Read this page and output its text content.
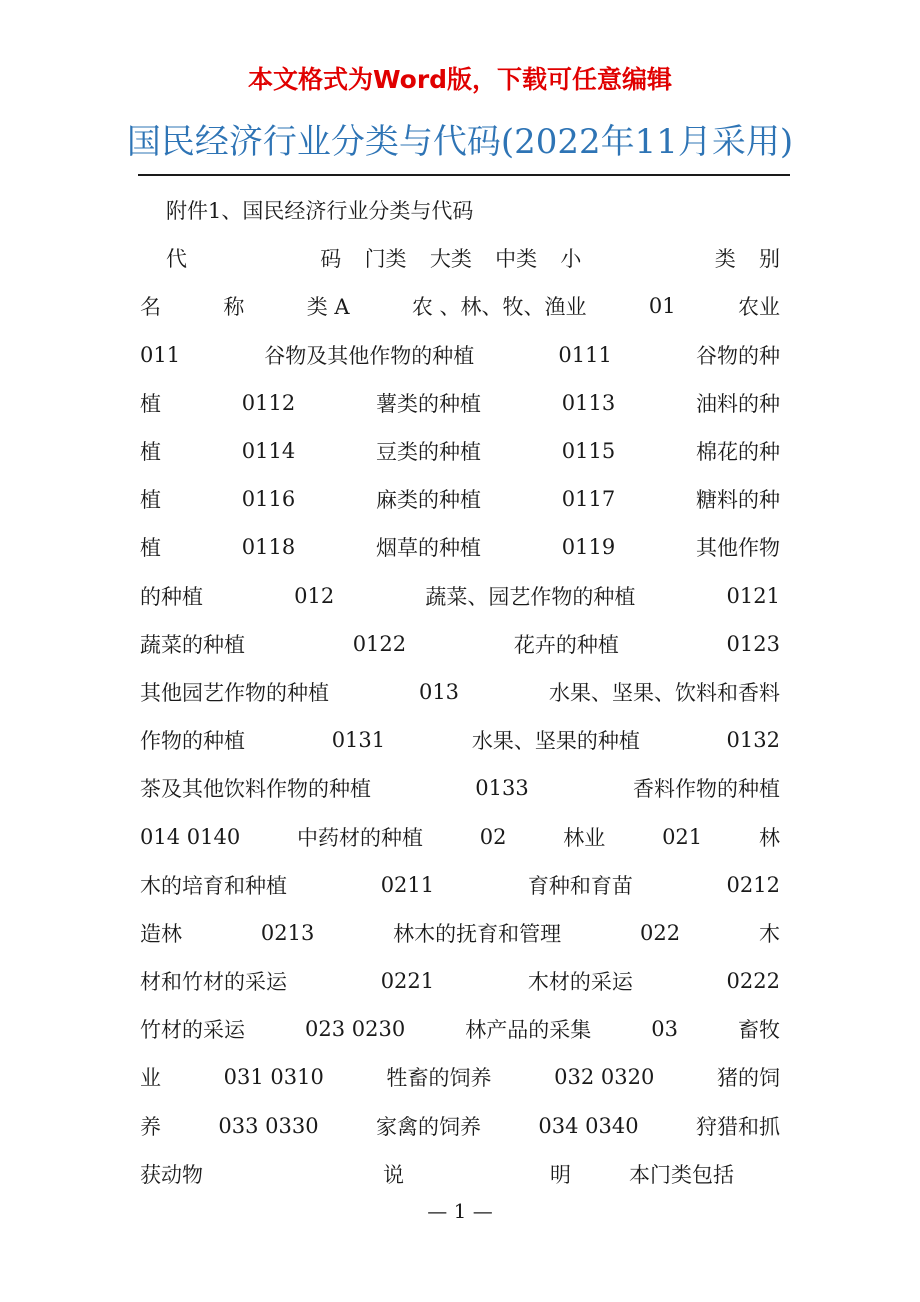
本文格式为Word版，下载可任意编辑
国民经济行业分类与代码(2022年11月采用)
附件1、国民经济行业分类与代码
代	码 门类 大类 中类 小	类 别
名	称	类 A	农 、林、牧、渔业	01	农业
011	谷物及其他作物的种植	0111	谷物的种
植	0112	薯类的种植	0113	油料的种
植	0114	豆类的种植	0115	棉花的种
植	0116	麻类的种植	0117	糖料的种
植	0118	烟草的种植	0119	其他作物
的种植	012	蔬菜、园艺作物的种植	0121
蔬菜的种植	0122	花卉的种植	0123
其他园艺作物的种植	013	水果、坚果、饮料和香料
作物的种植	0131	水果、坚果的种植	0132
茶及其他饮料作物的种植	0133	香料作物的种植
014 0140	中药材的种植	02	林业	021	林
木的培育和种植	0211	育种和育苗	0212
造林	0213	林木的抚育和管理	022	木
材和竹材的采运	0221	木材的采运	0222
竹材的采运	023 0230	林产品的采集	03	畜牧
业	031 0310	牲畜的饲养	032 0320	猪的饲
养	033 0330	家禽的饲养	034 0340	狩猎和抓
获动物	说	明	本门类包括
— 1 —
